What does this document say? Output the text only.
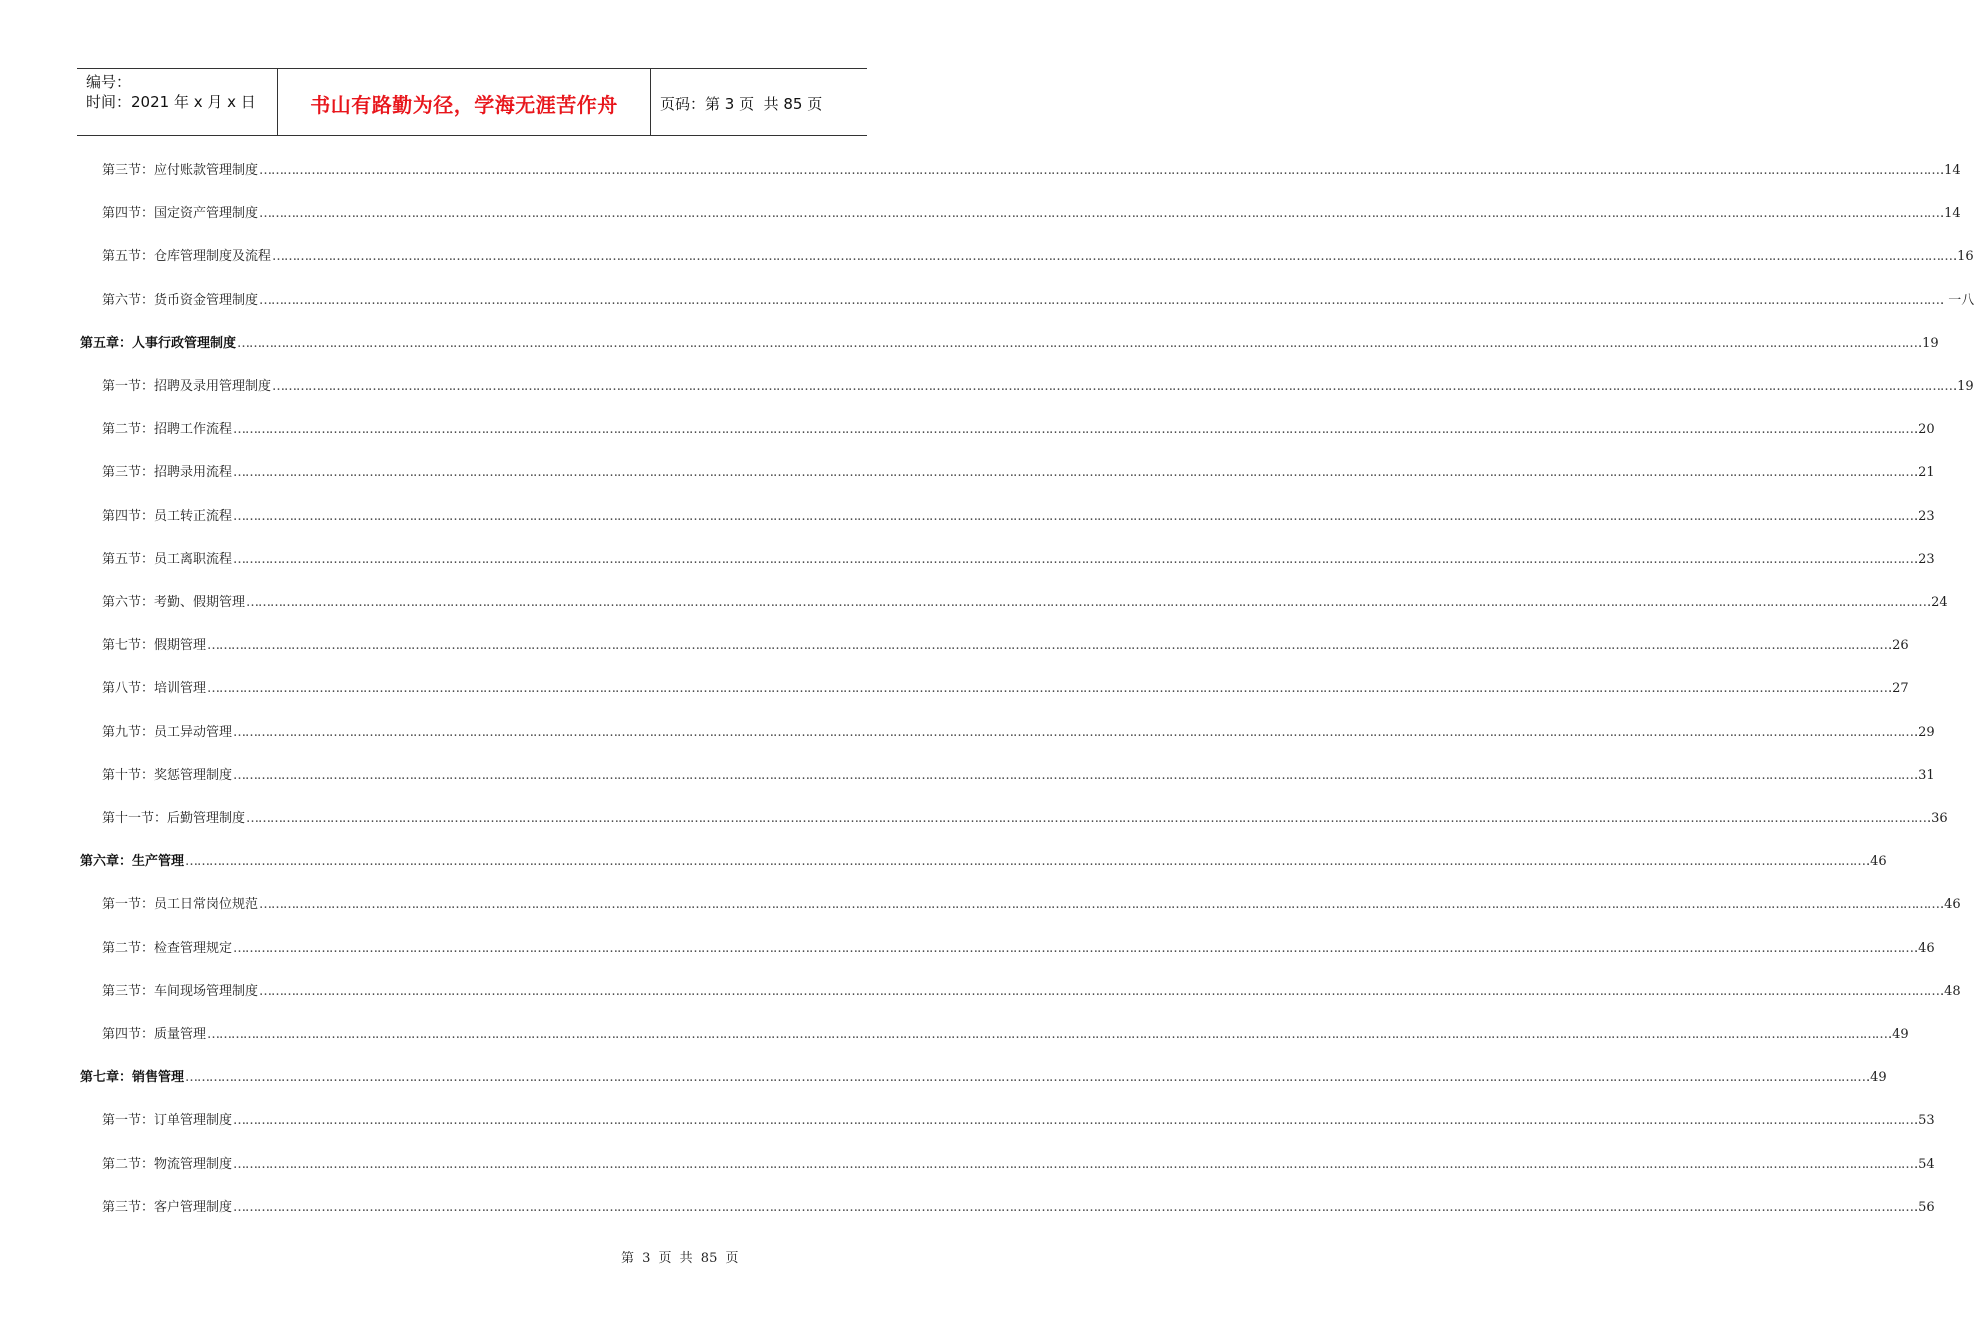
编号：
时间：2021 年 x 月 x 日	书山有路勤为径，学海无涯苦作舟	页码：第 3 页  共 85 页
第三节：应付账款管理制度 …………………………………………………………………………………………………………………………………………………………………………………………………………………………………………………………………………………………………………………………………………………………………………………… .14
第四节：国定资产管理制度 …………………………………………………………………………………………………………………………………………………………………………………………………………………………………………………………………………………………………………………………………………………………………………………… .14
第五节：仓库管理制度及流程 …………………………………………………………………………………………………………………………………………………………………………………………………………………………………………………………………………………………………………………………………………………………………………………… .16
第六节：货币资金管理制度 …………………………………………………………………………………………………………………………………………………………………………………………………………………………………………………………………………………………………………………………………………………………………………………… . 一八
第五章：人事行政管理制度 …………………………………………………………………………………………………………………………………………………………………………………………………………………………………………………………………………………………………………………………………………………………………………………… .19
第一节：招聘及录用管理制度 …………………………………………………………………………………………………………………………………………………………………………………………………………………………………………………………………………………………………………………………………………………………………………………… .19
第二节：招聘工作流程 …………………………………………………………………………………………………………………………………………………………………………………………………………………………………………………………………………………………………………………………………………………………………………………… .20
第三节：招聘录用流程 …………………………………………………………………………………………………………………………………………………………………………………………………………………………………………………………………………………………………………………………………………………………………………………… .21
第四节：员工转正流程 …………………………………………………………………………………………………………………………………………………………………………………………………………………………………………………………………………………………………………………………………………………………………………………… .23
第五节：员工离职流程 …………………………………………………………………………………………………………………………………………………………………………………………………………………………………………………………………………………………………………………………………………………………………………………… .23
第六节：考勤、假期管理 …………………………………………………………………………………………………………………………………………………………………………………………………………………………………………………………………………………………………………………………………………………………………………………… .24
第七节：假期管理 …………………………………………………………………………………………………………………………………………………………………………………………………………………………………………………………………………………………………………………………………………………………………………………… .26
第八节：培训管理 …………………………………………………………………………………………………………………………………………………………………………………………………………………………………………………………………………………………………………………………………………………………………………………… .27
第九节：员工异动管理 …………………………………………………………………………………………………………………………………………………………………………………………………………………………………………………………………………………………………………………………………………………………………………………… .29
第十节：奖惩管理制度 …………………………………………………………………………………………………………………………………………………………………………………………………………………………………………………………………………………………………………………………………………………………………………………… .31
第十一节：后勤管理制度 …………………………………………………………………………………………………………………………………………………………………………………………………………………………………………………………………………………………………………………………………………………………………………………… .36
第六章：生产管理 …………………………………………………………………………………………………………………………………………………………………………………………………………………………………………………………………………………………………………………………………………………………………………………… .46
第一节：员工日常岗位规范 …………………………………………………………………………………………………………………………………………………………………………………………………………………………………………………………………………………………………………………………………………………………………………………… .46
第二节：检查管理规定 …………………………………………………………………………………………………………………………………………………………………………………………………………………………………………………………………………………………………………………………………………………………………………………… .46
第三节：车间现场管理制度 …………………………………………………………………………………………………………………………………………………………………………………………………………………………………………………………………………………………………………………………………………………………………………………… .48
第四节：质量管理 …………………………………………………………………………………………………………………………………………………………………………………………………………………………………………………………………………………………………………………………………………………………………………………… .49
第七章：销售管理 …………………………………………………………………………………………………………………………………………………………………………………………………………………………………………………………………………………………………………………………………………………………………………………… .49
第一节：订单管理制度 …………………………………………………………………………………………………………………………………………………………………………………………………………………………………………………………………………………………………………………………………………………………………………………… .53
第二节：物流管理制度 …………………………………………………………………………………………………………………………………………………………………………………………………………………………………………………………………………………………………………………………………………………………………………………… .54
第三节：客户管理制度 …………………………………………………………………………………………………………………………………………………………………………………………………………………………………………………………………………………………………………………………………………………………………………………… .56
第 3 页 共 85 页
